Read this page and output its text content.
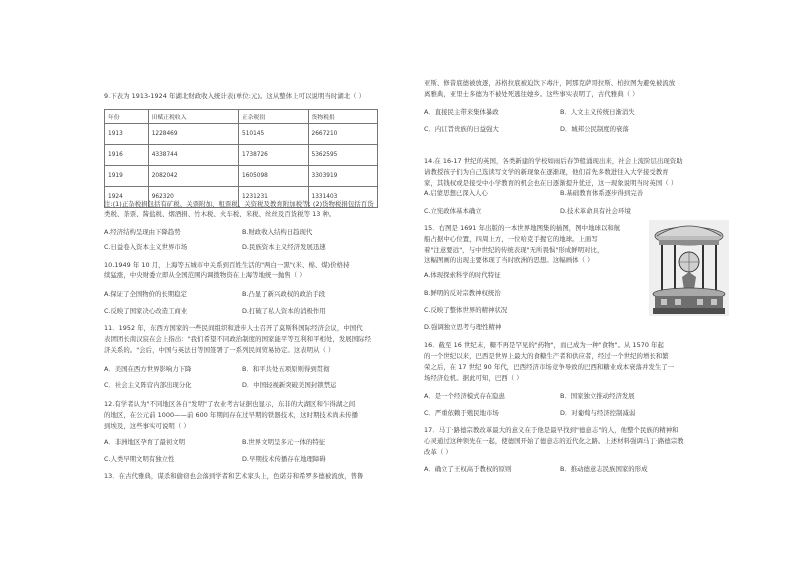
9.下表为 1913-1924 年湖北财政收入统计表(单位:元)。这从整体上可以说明当时湖北（ ）
年份	田赋正税收入	正杂税捐	货物税捐
1913	1228469	510145	2667210
1916	4338744	1738726	5362595
1919	2082042	1605098	3303919
1924	962320	1231231	1331403
注:(1)正杂税捐包括有矿税、关票附加、租票税、关资税及教育附加税等; (2)货物税捐包括百货
类税、茶票、酱盐税、烟酒捐、竹木税、火车税、米税、丝丝及百货税等 13 种。
A.经济结构呈现由下降趋势	B.财政收入结构日趋现代
C.日益卷入资本主义世界市场	D.民族资本主义经济发展迅速
10.1949 年 10 月，上海等五城市中关系到百姓生活的"两白一黑"(米、棉、煤)价格持
续猛涨，中央财委立即从全国范围内调拨物资在上海等地统一抛售（ ）
A.保证了全国物价的长期稳定	B.凸显了新兴政权的政治手段
C.反映了国家决心改造工商业	D.打破了私人资本的消极作用
11．1952 年，东西方国家的一些民间组织和进步人士召开了莫斯科国际经济会议，中国代
表团团长南汉宸在会上指出："我们希望不同政治制度的国家能平等互利和平相处，发展国际经
济关系的。"会后，中国与英法日等国签署了一系列民间贸易协定。这表明从（ ）
A．美国在西方世界影响力下降	B．和平共处五项原则得到贯彻
C．社会主义阵营内部出现分化	D．中国轻视新突破美国封锁禁运
12.有学者认为"不同地区各自"发明"了农业考古证据也显示，东非的大湖区和乍得湖之间
的地区，在公元前 1000——前 600 年期间存在过早期的铁器技术，这时期技术尚未传播
到埃及，这些事实可说明（ ）
A．非洲地区孕育了最初文明	B.世界文明呈多元一体的特征
C.人类早期文明有独立性	D.早期技术传播存在地理障碍
13．在古代雅典，谋杀和偷窃也会落到学者和艺术家头上，色诺芬和希罗多德被流放，普鲁
亚斯、修昔底德被放逐，苏格拉底被迫饮下毒汁，阿那克萨哥拉斯、柏拉图为避免被流放
离雅典，亚里士多德为不被处死逃往她乡。这些事实表明了，古代雅典（ ）
A．直接民主带来集体暴政	B．人文主义传统日渐消失
C．内讧旨贵族的日益强大	D．城邦公民制度的衰落
14.在 16-17 世纪的英国，各类新建的学校如雨后春笋般涌现出来，社会上流阶层出现资助
请教授孩子们为自己选读写文学的新现象在逐渐现，他们首先多数进往入大学接受教育
家，其钱权或是接受中小学教育的机会也在日逐渐提升优迁，这一现象说明当时英国（ ）
A.启蒙思想已深入人心	B.基础教育体系逐步得到完善
C.立宪政体基本确立	D.技术革命具有社会环境
15．右图是 1691 年出版的一本世界地图集的插图，图中地球以和航
船占据中心位置，四周上方，一位哈克手握它的地球。上面写
着"注意要远"，与中世纪的传统表现"无所畏惧"形成鲜明对比，
这幅图画的出现主要体现了当时欧洲的思想。这幅画体（ ）
A.体现探索科学的时代特征
B.鲜明的反对宗教神权统治
C.反映了整体世界的精神状况
D.强调独立思考与理性精神
16．截至 16 世纪末，糖不再是罕见的"药物"，而已成为一种"食物"。从 1570 年起
的一个世纪以来，巴西是世界上最大的食糖生产者和供应者，经过一个世纪的增长和繁
荣之后，在 17 世纪 90 年代，巴西经济市场竞争导致的巴西和糖业成本衰落并发生了一
场经济危机。据此可知，巴西（ ）
A．是一个经济模式存在隐患	B．国家独立推动经济发展
C．严重依赖于殖民地市场	D．对葡萄与经济控制减弱
17．马丁·路德宗教改革最大的意义在于他是最早找到"德意志"的人，他整个民族的精神和
心灵通过这种领先在一起，使德国开始了德意志的近代化之路。上述材料强调马丁·路德宗教
改革（ ）
A．确立了王权高于教权的原则	B．推动德意志民族国家的形成
